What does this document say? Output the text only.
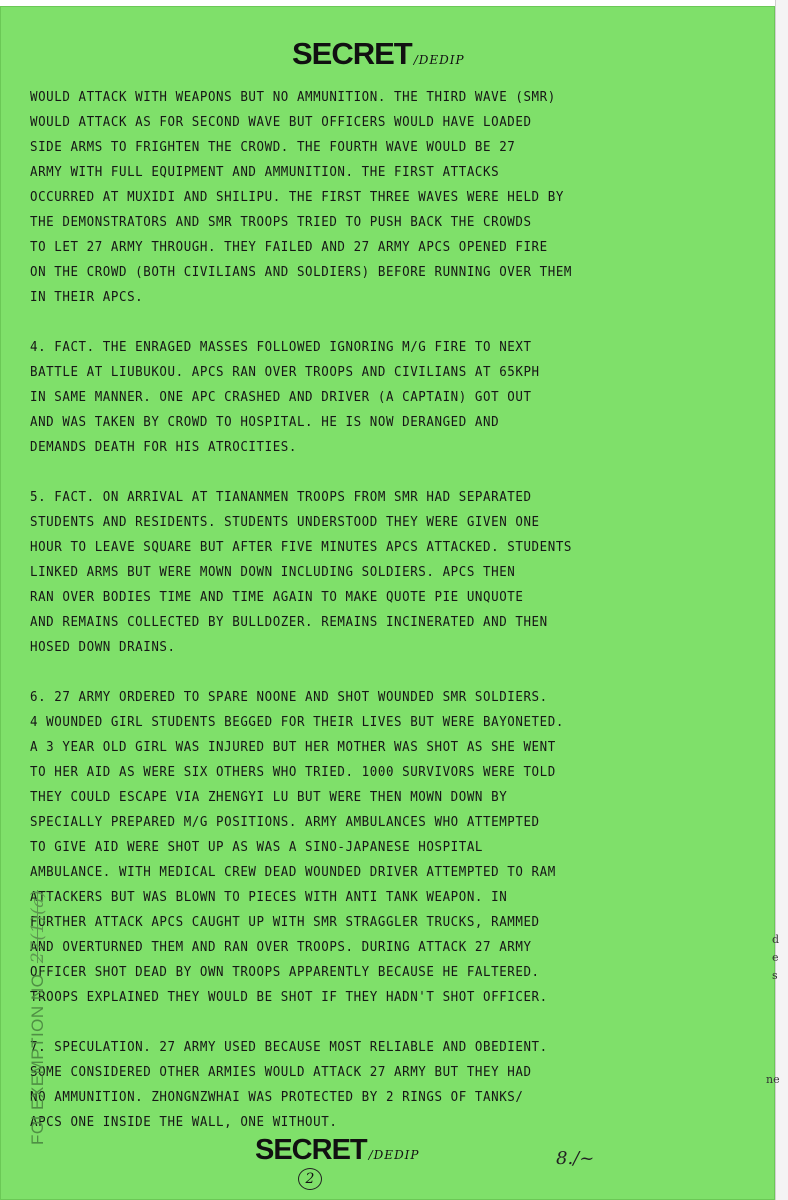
d
e
s
ne
SECRET /DEDIP
WOULD ATTACK WITH WEAPONS BUT NO AMMUNITION. THE THIRD WAVE (SMR)
WOULD ATTACK AS FOR SECOND WAVE BUT OFFICERS WOULD HAVE LOADED
SIDE ARMS TO FRIGHTEN THE CROWD. THE FOURTH WAVE WOULD BE 27
ARMY WITH FULL EQUIPMENT AND AMMUNITION. THE FIRST ATTACKS
OCCURRED AT MUXIDI AND SHILIPU. THE FIRST THREE WAVES WERE HELD BY
THE DEMONSTRATORS AND SMR TROOPS TRIED TO PUSH BACK THE CROWDS
TO LET 27 ARMY THROUGH. THEY FAILED AND 27 ARMY APCS OPENED FIRE
ON THE CROWD (BOTH CIVILIANS AND SOLDIERS) BEFORE RUNNING OVER THEM
IN THEIR APCS.
4. FACT. THE ENRAGED MASSES FOLLOWED IGNORING M/G FIRE TO NEXT
BATTLE AT LIUBUKOU. APCS RAN OVER TROOPS AND CIVILIANS AT 65KPH
IN SAME MANNER. ONE APC CRASHED AND DRIVER (A CAPTAIN) GOT OUT
AND WAS TAKEN BY CROWD TO HOSPITAL. HE IS NOW DERANGED AND
DEMANDS DEATH FOR HIS ATROCITIES.
5. FACT. ON ARRIVAL AT TIANANMEN TROOPS FROM SMR HAD SEPARATED
STUDENTS AND RESIDENTS. STUDENTS UNDERSTOOD THEY WERE GIVEN ONE
HOUR TO LEAVE SQUARE BUT AFTER FIVE MINUTES APCS ATTACKED. STUDENTS
LINKED ARMS BUT WERE MOWN DOWN INCLUDING SOLDIERS. APCS THEN
RAN OVER BODIES TIME AND TIME AGAIN TO MAKE QUOTE PIE UNQUOTE
AND REMAINS COLLECTED BY BULLDOZER. REMAINS INCINERATED AND THEN
HOSED DOWN DRAINS.
6. 27 ARMY ORDERED TO SPARE NOONE AND SHOT WOUNDED SMR SOLDIERS.
4 WOUNDED GIRL STUDENTS BEGGED FOR THEIR LIVES BUT WERE BAYONETED.
A 3 YEAR OLD GIRL WAS INJURED BUT HER MOTHER WAS SHOT AS SHE WENT
TO HER AID AS WERE SIX OTHERS WHO TRIED. 1000 SURVIVORS WERE TOLD
THEY COULD ESCAPE VIA ZHENGYI LU BUT WERE THEN MOWN DOWN BY
SPECIALLY PREPARED M/G POSITIONS. ARMY AMBULANCES WHO ATTEMPTED
TO GIVE AID WERE SHOT UP AS WAS A SINO-JAPANESE HOSPITAL
AMBULANCE. WITH MEDICAL CREW DEAD WOUNDED DRIVER ATTEMPTED TO RAM
ATTACKERS BUT WAS BLOWN TO PIECES WITH ANTI TANK WEAPON. IN
FURTHER ATTACK APCS CAUGHT UP WITH SMR STRAGGLER TRUCKS, RAMMED
AND OVERTURNED THEM AND RAN OVER TROOPS. DURING ATTACK 27 ARMY
OFFICER SHOT DEAD BY OWN TROOPS APPARENTLY BECAUSE HE FALTERED.
TROOPS EXPLAINED THEY WOULD BE SHOT IF THEY HADN'T SHOT OFFICER.
7. SPECULATION. 27 ARMY USED BECAUSE MOST RELIABLE AND OBEDIENT.
SOME CONSIDERED OTHER ARMIES WOULD ATTACK 27 ARMY BUT THEY HAD
NO AMMUNITION. ZHONGNZWHAI WAS PROTECTED BY 2 RINGS OF TANKS/
APCS ONE INSIDE THE WALL, ONE WITHOUT.
SECRET /DEDIP
2
8./~
FOI EXEMPTION NO. 27(1)(a)
